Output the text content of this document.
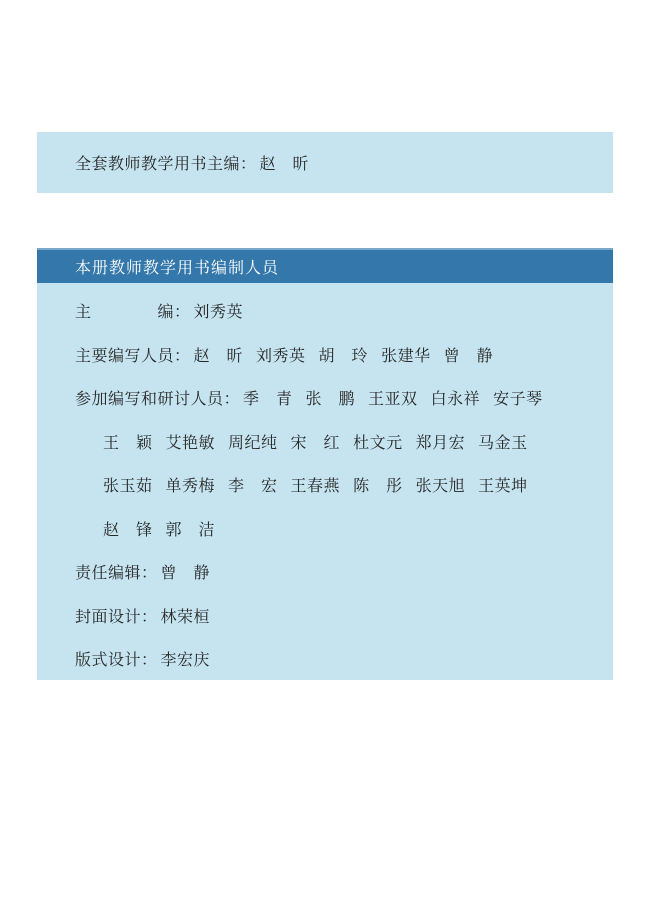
全套教师教学用书主编： 赵　昕
本册教师教学用书编制人员
主　　　　编： 刘秀英
主要编写人员： 赵　昕 刘秀英 胡　玲 张建华 曾　静
参加编写和研讨人员： 季　青 张　鹏 王亚双 白永祥 安子琴
王　颖 艾艳敏 周纪纯 宋　红 杜文元 郑月宏 马金玉
张玉茹 单秀梅 李　宏 王春燕 陈　彤 张天旭 王英坤
赵　锋 郭　洁
责任编辑： 曾　静
封面设计： 林荣桓
版式设计： 李宏庆
